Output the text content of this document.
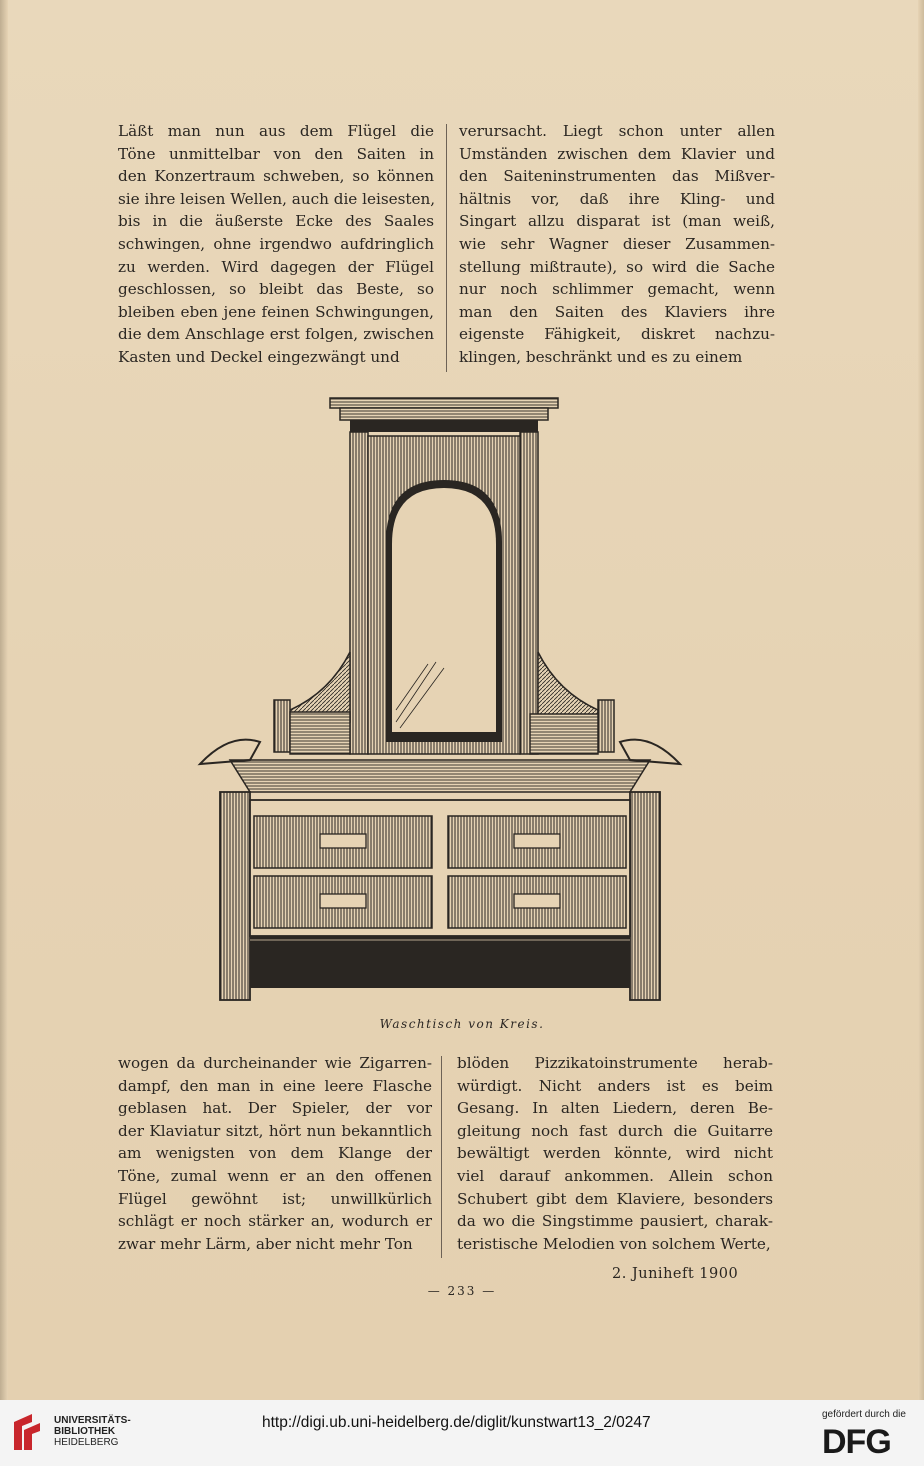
Läßt man nun aus dem Flügel die
Töne unmittelbar von den Saiten in
den Konzertraum schweben, so können
sie ihre leisen Wellen, auch die leisesten,
bis in die äußerste Ecke des Saales
schwingen, ohne irgendwo aufdringlich
zu werden. Wird dagegen der Flügel
geschlossen, so bleibt das Beste, so
bleiben eben jene feinen Schwingungen,
die dem Anschlage erst folgen, zwischen
Kasten und Deckel eingezwängt und
verursacht. Liegt schon unter allen
Umständen zwischen dem Klavier und
den Saiteninstrumenten das Mißver-
hältnis vor, daß ihre Kling- und
Singart allzu disparat ist (man weiß,
wie sehr Wagner dieser Zusammen-
stellung mißtraute), so wird die Sache
nur noch schlimmer gemacht, wenn
man den Saiten des Klaviers ihre
eigenste Fähigkeit, diskret nachzu-
klingen, beschränkt und es zu einem
Waschtisch von Kreis.
wogen da durcheinander wie Zigarren-
dampf, den man in eine leere Flasche
geblasen hat. Der Spieler, der vor
der Klaviatur sitzt, hört nun bekanntlich
am wenigsten von dem Klange der
Töne, zumal wenn er an den offenen
Flügel gewöhnt ist; unwillkürlich
schlägt er noch stärker an, wodurch er
zwar mehr Lärm, aber nicht mehr Ton
blöden Pizzikatoinstrumente herab-
würdigt. Nicht anders ist es beim
Gesang. In alten Liedern, deren Be-
gleitung noch fast durch die Guitarre
bewältigt werden könnte, wird nicht
viel darauf ankommen. Allein schon
Schubert gibt dem Klaviere, besonders
da wo die Singstimme pausiert, charak-
teristische Melodien von solchem Werte,
2. Juniheft 1900
— 233 —
UNIVERSITÄTS-
BIBLIOTHEK
HEIDELBERG
http://digi.ub.uni-heidelberg.de/diglit/kunstwart13_2/0247	gefördert durch die
DFG
